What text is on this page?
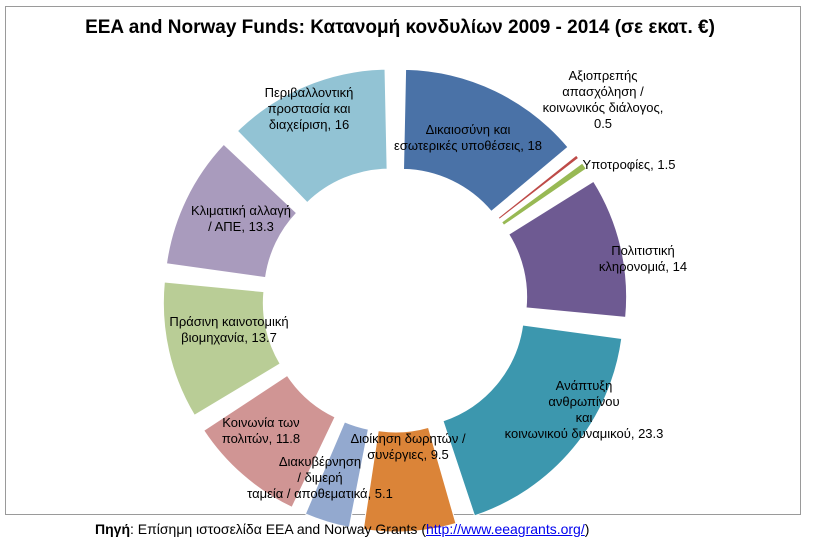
EEA and Norway Funds: Κατανομή κονδυλίων 2009 - 2014 (σε εκατ. €)
Δικαιοσύνη και
εσωτερικές υποθέσεις, 18
Αξιοπρεπής
απασχόληση /
κοινωνικός διάλογος,
0.5
Υποτροφίες, 1.5
Πολιτιστική
κληρονομιά, 14
Ανάπτυξη
ανθρωπίνου
και
κοινωνικού δυναμικού, 23.3
Διοίκηση δωρητών /
συνέργιες, 9.5
Διακυβέρνηση
/ διμερή
ταμεία / αποθεματικά, 5.1
Κοινωνία των
πολιτών, 11.8
Πράσινη καινοτομική
βιομηχανία, 13.7
Κλιματική αλλαγή
/ ΑΠΕ, 13.3
Περιβαλλοντική
προστασία και
διαχείριση, 16
Πηγή: Επίσημη ιστοσελίδα EEA and Norway Grants (http://www.eeagrants.org/)
